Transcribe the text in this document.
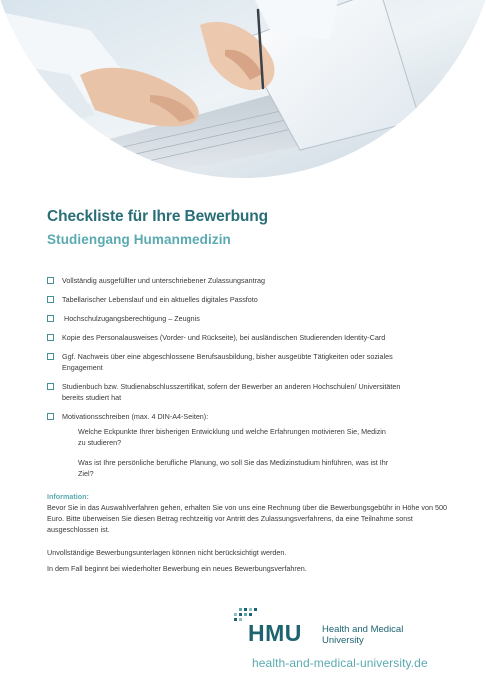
Checkliste für Ihre Bewerbung
Studiengang Humanmedizin
Vollständig ausgefüllter und unterschriebener Zulassungsantrag
Tabellarischer Lebenslauf und ein aktuelles digitales Passfoto
Hochschulzugangsberechtigung – Zeugnis
Kopie des Personalausweises (Vorder- und Rückseite), bei ausländischen Studierenden Identity-Card
Ggf. Nachweis über eine abgeschlossene Berufsausbildung, bisher ausgeübte Tätigkeiten oder soziales Engagement
Studienbuch bzw. Studienabschlusszertifikat, sofern der Bewerber an anderen Hochschulen/ Universitäten bereits studiert hat
Motivationsschreiben (max. 4 DIN-A4-Seiten):
Welche Eckpunkte Ihrer bisherigen Entwicklung und welche Erfahrungen motivieren Sie, Medizin zu studieren?
Was ist Ihre persönliche berufliche Planung, wo soll Sie das Medizinstudium hinführen, was ist Ihr Ziel?
Information:
Bevor Sie in das Auswahlverfahren gehen, erhalten Sie von uns eine Rechnung über die Bewerbungsgebühr in Höhe von 500 Euro. Bitte überweisen Sie diesen Betrag rechtzeitig vor Antritt des Zulassungsverfahrens, da eine Teilnahme sonst ausgeschlossen ist.
Unvollständige Bewerbungsunterlagen können nicht berücksichtigt werden.
In dem Fall beginnt bei wiederholter Bewerbung ein neues Bewerbungsverfahren.
HMU Health and Medical
University
health-and-medical-university.de
